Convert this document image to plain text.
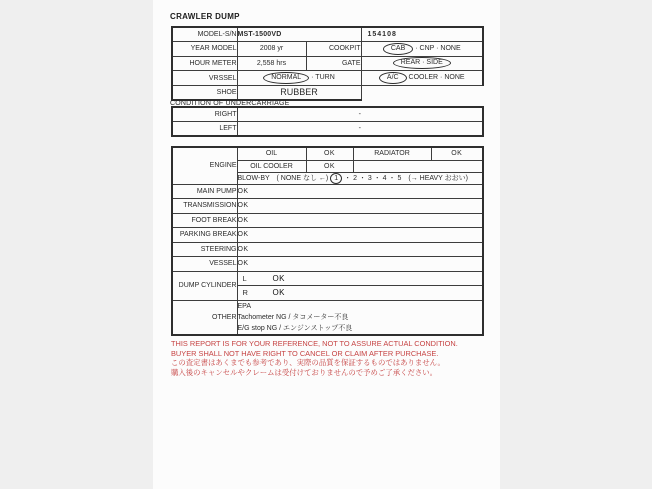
CRAWLER DUMP
MODEL-S/N	MST-1500VD		154108
YEAR MODEL	2008 yr	COOKPIT	CAB · CNP · NONE
HOUR METER	2,558 hrs	GATE	REAR · SIDE
VRSSEL	NORMAL · TURN		A/C COOLER · NONE
SHOE	RUBBER		
CONDITION OF UNDERCARRIAGE
RIGHT	-
LEFT	-
ENGINE	OIL	OK	RADIATOR	OK
	OIL COOLER	OK		
	BLOW-BY　( NONE なし ←) 1 ・ 2 ・ 3 ・ 4 ・ 5　(→ HEAVY おおい)			
MAIN PUMP	OK			
TRANSMISSION	OK			
FOOT BREAK	OK			
PARKING BREAK	OK			
STEERING	OK			
VESSEL	OK			
DUMP CYLINDER	L OK			
	R OK			
OTHER	EPA
Tachometer NG / タコメーター不良
E/G stop NG / エンジンストップ不良			
THIS REPORT IS FOR YOUR REFERENCE, NOT TO ASSURE ACTUAL CONDITION.
BUYER SHALL NOT HAVE RIGHT TO CANCEL OR CLAIM AFTER PURCHASE.
この査定書はあくまでも参考であり、実際の品質を保証するものではありません。
購入後のキャンセルやクレームは受付けておりませんので予めご了承ください。
